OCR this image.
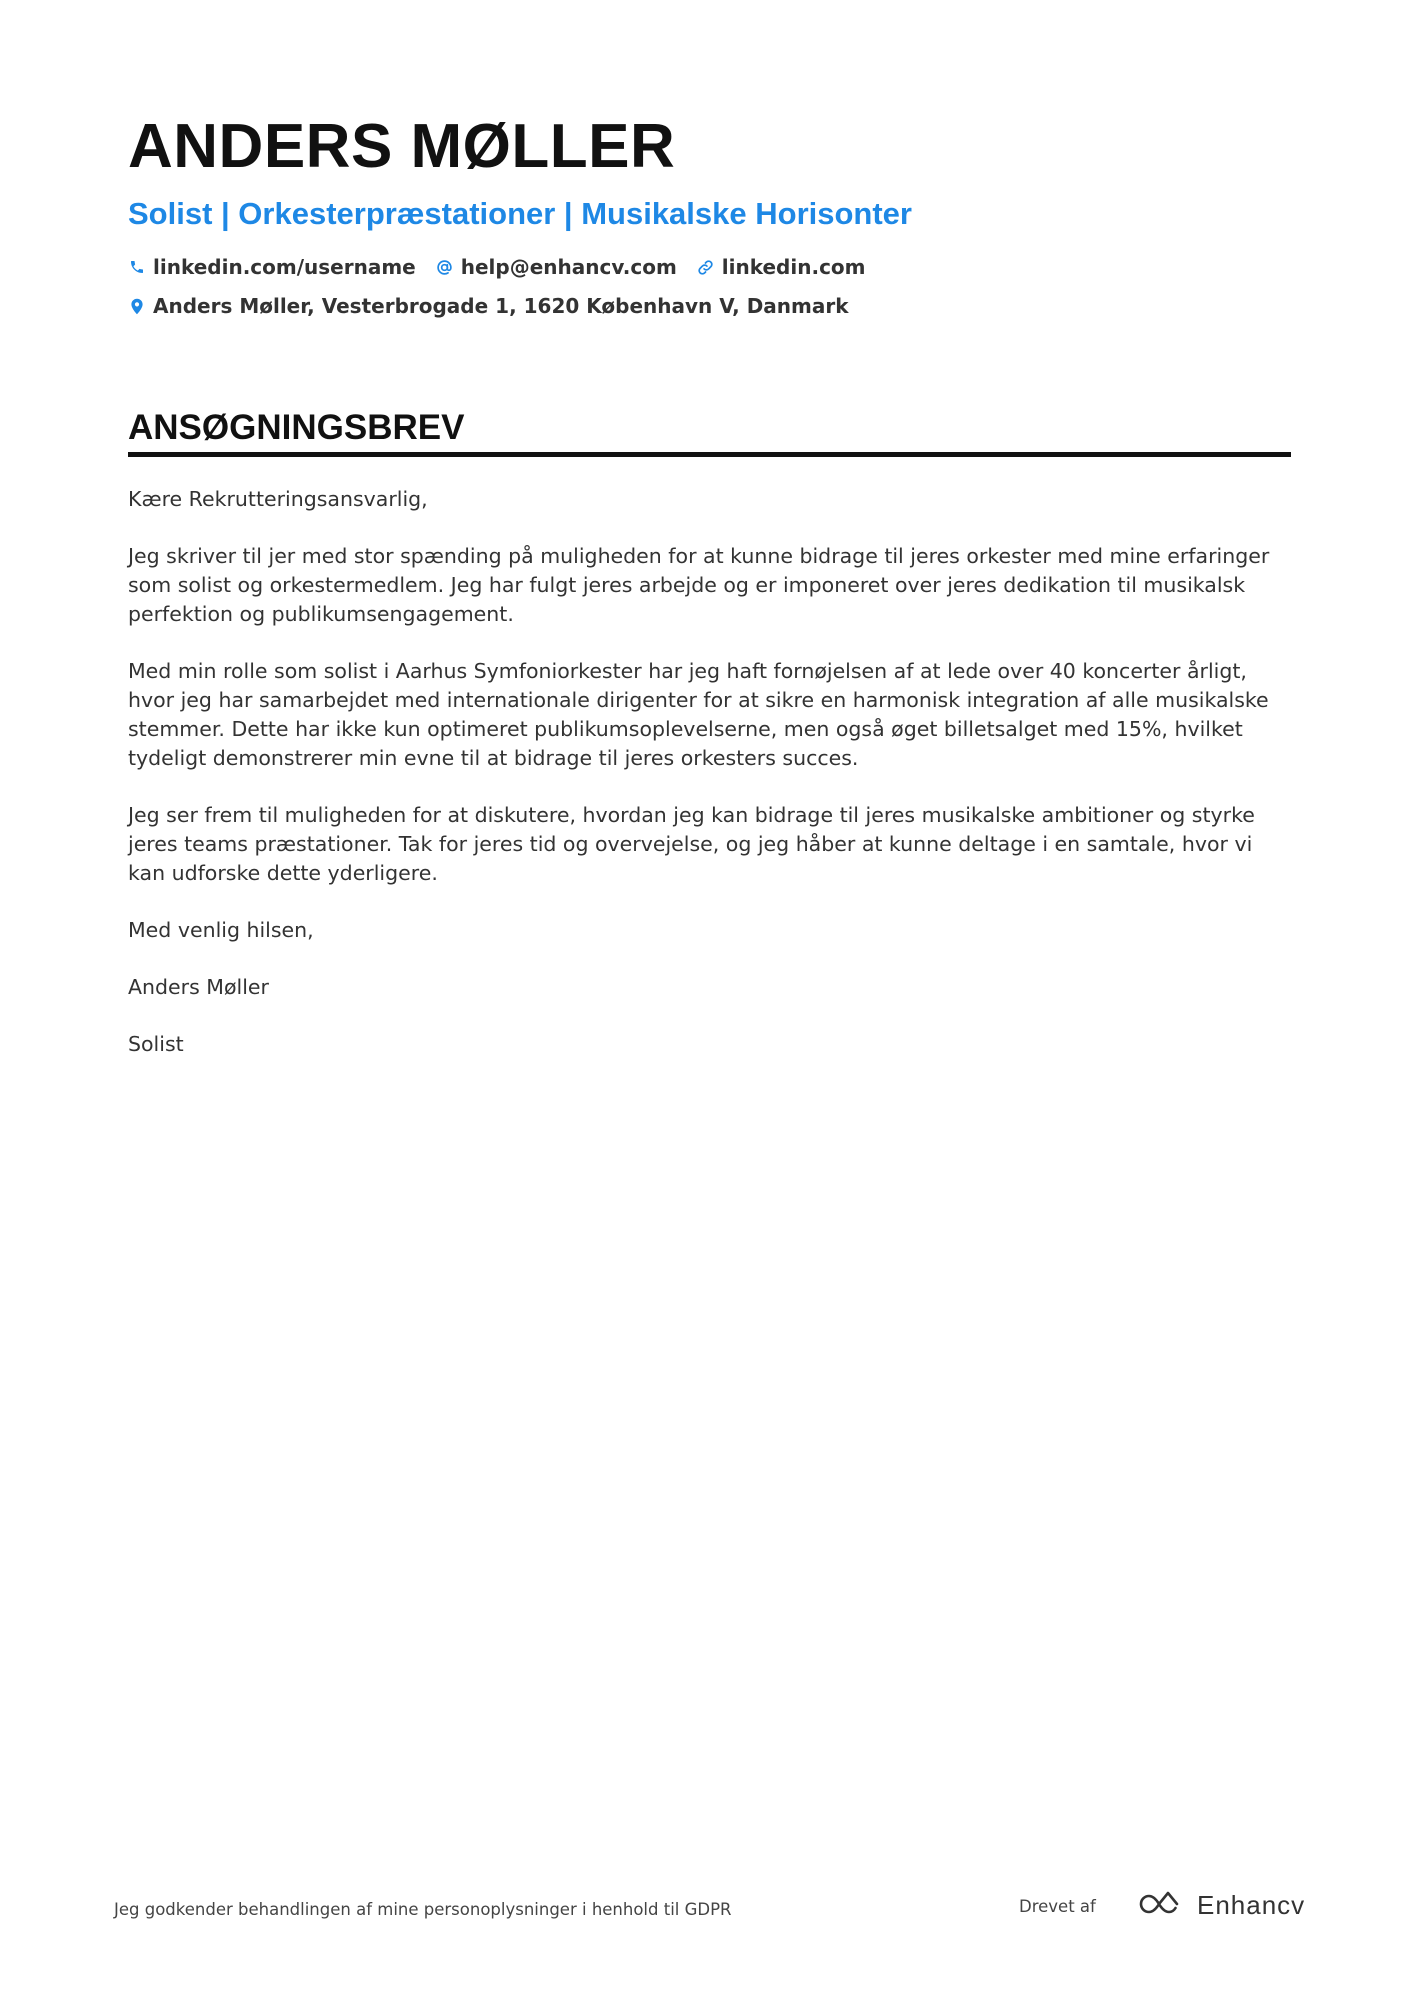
ANDERS MØLLER
Solist | Orkesterpræstationer | Musikalske Horisonter
linkedin.com/username help@enhancv.com linkedin.com
Anders Møller, Vesterbrogade 1, 1620 København V, Danmark
ANSØGNINGSBREV

Kære Rekrutteringsansvarlig,

Jeg skriver til jer med stor spænding på muligheden for at kunne bidrage til jeres orkester med mine erfaringer som solist og orkestermedlem. Jeg har fulgt jeres arbejde og er imponeret over jeres dedikation til musikalsk perfektion og publikumsengagement.

Med min rolle som solist i Aarhus Symfoniorkester har jeg haft fornøjelsen af at lede over 40 koncerter årligt, hvor jeg har samarbejdet med internationale dirigenter for at sikre en harmonisk integration af alle musikalske stemmer. Dette har ikke kun optimeret publikumsoplevelserne, men også øget billetsalget med 15%, hvilket tydeligt demonstrerer min evne til at bidrage til jeres orkesters succes.

Jeg ser frem til muligheden for at diskutere, hvordan jeg kan bidrage til jeres musikalske ambitioner og styrke jeres teams præstationer. Tak for jeres tid og overvejelse, og jeg håber at kunne deltage i en samtale, hvor vi kan udforske dette yderligere.

Med venlig hilsen,

Anders Møller

Solist

Jeg godkender behandlingen af mine personoplysninger i henhold til GDPR	Drevet af	Enhancv
